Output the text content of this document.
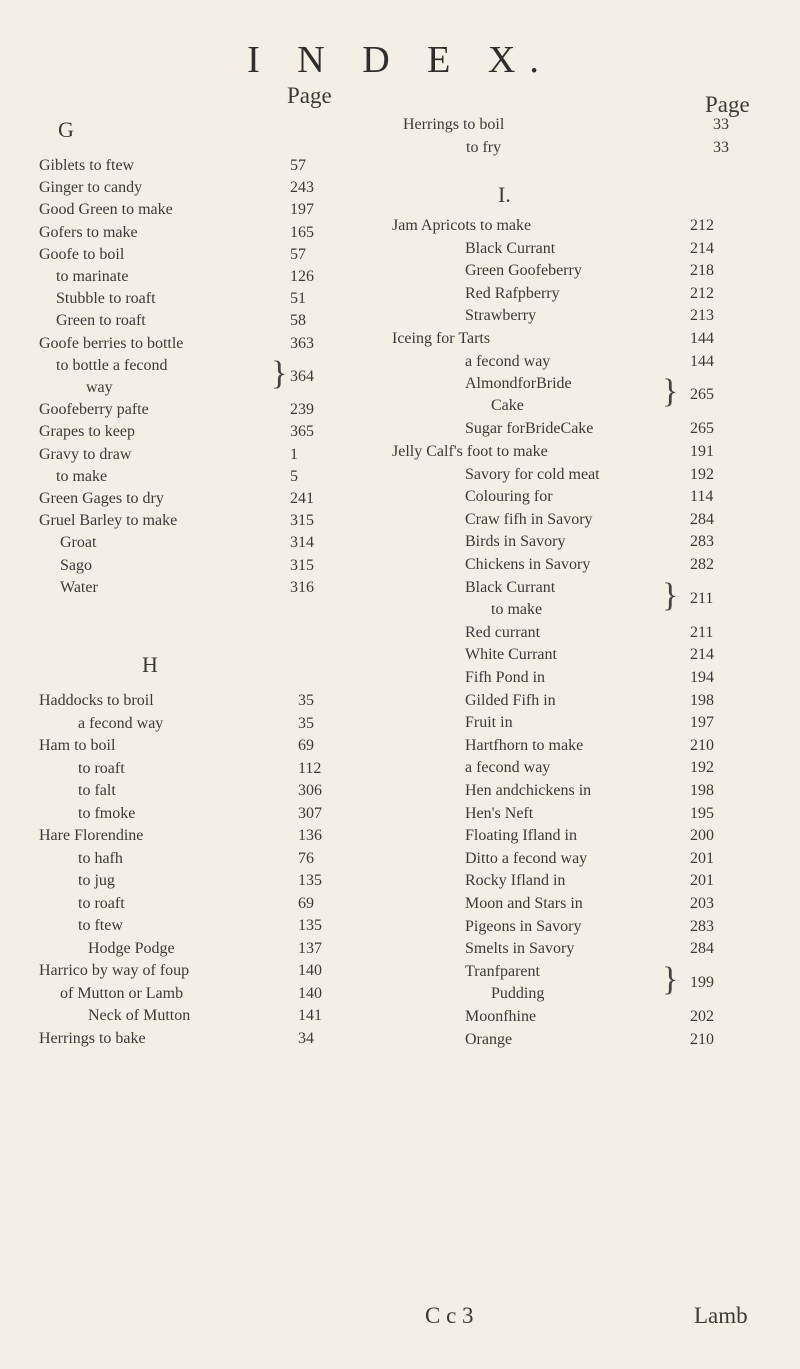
I N D E X.
Page
G
Giblets to ftew	57
Ginger to candy	243
Good Green to make	197
Gofers to make	165
Goofe to boil	57
to marinate	126
Stubble to roaft	51
Green to roaft	58
Goofe berries to bottle	363
to bottle a fecond
way	} 364
Goofeberry pafte	239
Grapes to keep	365
Gravy to draw	1
to make	5
Green Gages to dry	241
Gruel Barley to make	315
Groat	314
Sago	315
Water	316
H
Haddocks to broil	35
a fecond way	35
Ham to boil	69
to roaft	112
to falt	306
to fmoke	307
Hare Florendine	136
to hafh	76
to jug	135
to roaft	69
to ftew	135
Hodge Podge	137
Harrico by way of foup	140
of Mutton or Lamb	140
Neck of Mutton	141
Herrings to bake	34
Page
Herrings to boil	33
to fry	33
I.
Jam Apricots to make	212
Black Currant	214
Green Goofeberry	218
Red Rafpberry	212
Strawberry	213
Iceing for Tarts	144
a fecond way	144
AlmondforBride
Cake	} 265
Sugar forBrideCake	265
Jelly Calf's foot to make	191
Savory for cold meat	192
Colouring for	114
Craw fifh in Savory	284
Birds in Savory	283
Chickens in Savory	282
Black Currant
to make	} 211
Red currant	211
White Currant	214
Fifh Pond in	194
Gilded Fifh in	198
Fruit in	197
Hartfhorn to make	210
a fecond way	192
Hen andchickens in	198
Hen's Neft	195
Floating Ifland in	200
Ditto a fecond way	201
Rocky Ifland in	201
Moon and Stars in	203
Pigeons in Savory	283
Smelts in Savory	284
Tranfparent
Pudding	} 199
Moonfhine	202
Orange	210
C c 3	Lamb
